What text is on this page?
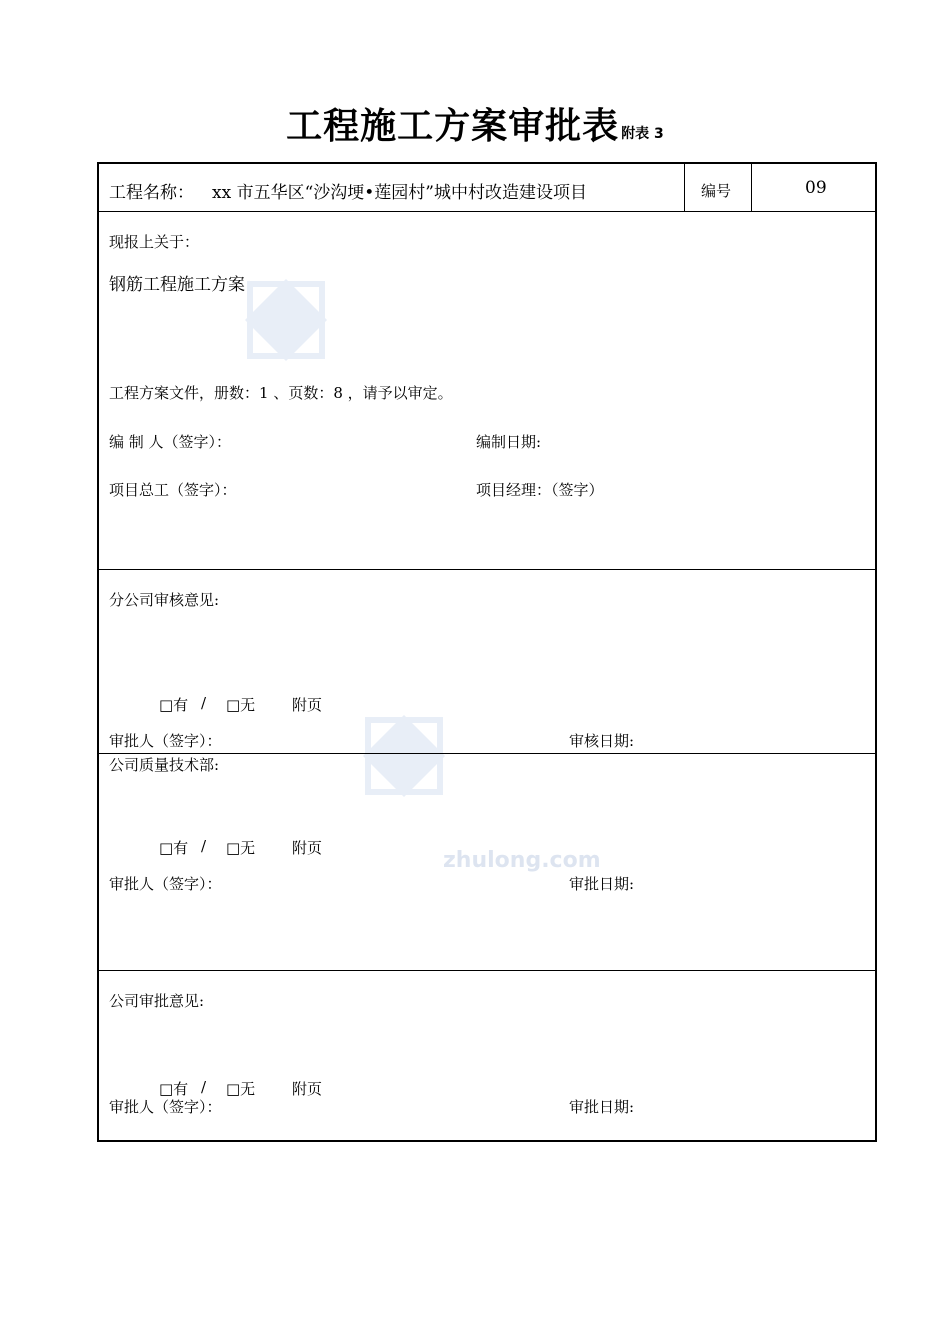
工程施工方案审批表 附表 3
zhulong.com
工程名称： xx 市五华区“沙沟埂•莲园村”城中村改造建设项目	编号	09
现报上关于：
钢筋工程施工方案
工程方案文件，册数：1 、页数：8 ，请予以审定。
编 制 人（签字）：	编制日期:
项目总工（签字）：	项目经理：（签字）
分公司审核意见:
□有 / □无 附页
审批人（签字）：	审核日期:
公司质量技术部:
□有 / □无 附页
审批人（签字）：	审批日期:
公司审批意见:
□有 / □无 附页
审批人（签字）：	审批日期:
